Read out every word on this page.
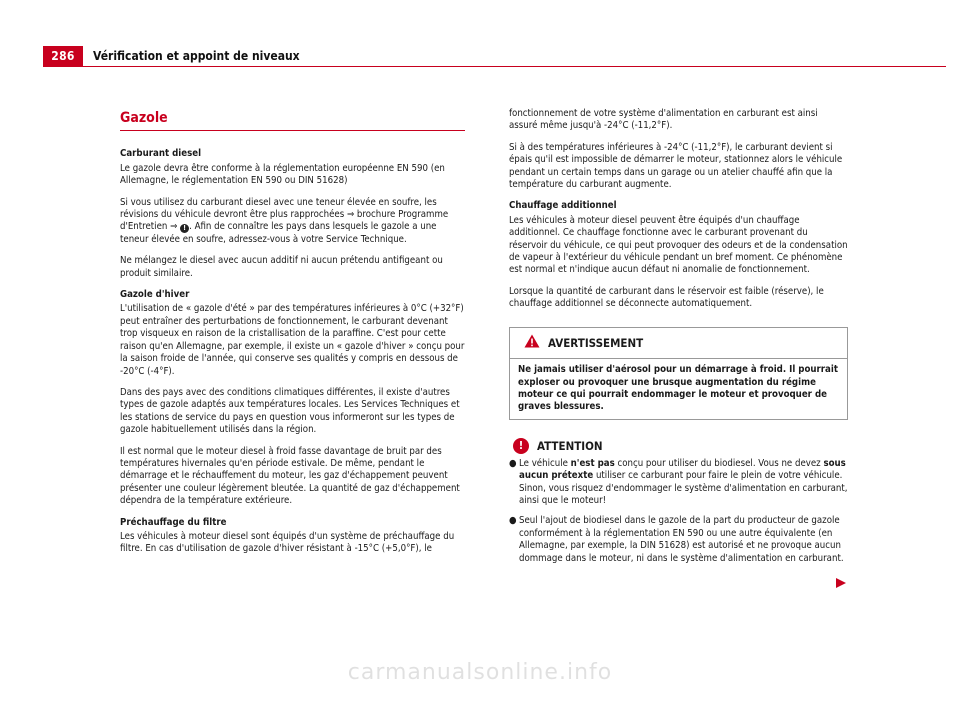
286	Vérification et appoint de niveaux
Gazole
Carburant diesel

Le gazole devra être conforme à la réglementation européenne EN 590 (en Allemagne, le réglementation EN 590 ou DIN 51628)

Si vous utilisez du carburant diesel avec une teneur élevée en soufre, les révisions du véhicule devront être plus rapprochées ⇒ brochure Programme d'Entretien ⇒ ! . Afin de connaître les pays dans lesquels le gazole a une teneur élevée en soufre, adressez-vous à votre Service Technique.

Ne mélangez le diesel avec aucun additif ni aucun prétendu antifigeant ou produit similaire.

Gazole d'hiver

L'utilisation de « gazole d'été » par des températures inférieures à 0°C (+32°F) peut entraîner des perturbations de fonctionnement, le carburant devenant trop visqueux en raison de la cristallisation de la paraffine. C'est pour cette raison qu'en Allemagne, par exemple, il existe un « gazole d'hiver » conçu pour la saison froide de l'année, qui conserve ses qualités y compris en dessous de -20°C (-4°F).

Dans des pays avec des conditions climatiques différentes, il existe d'autres types de gazole adaptés aux températures locales. Les Services Techniques et les stations de service du pays en question vous informeront sur les types de gazole habituellement utilisés dans la région.

Il est normal que le moteur diesel à froid fasse davantage de bruit par des températures hivernales qu'en période estivale. De même, pendant le démarrage et le réchauffement du moteur, les gaz d'échappement peuvent présenter une couleur légèrement bleutée. La quantité de gaz d'échappement dépendra de la température extérieure.

Préchauffage du filtre

Les véhicules à moteur diesel sont équipés d'un système de préchauffage du filtre. En cas d'utilisation de gazole d'hiver résistant à -15°C (+5,0°F), le

fonctionnement de votre système d'alimentation en carburant est ainsi assuré même jusqu'à -24°C (-11,2°F).

Si à des températures inférieures à -24°C (-11,2°F), le carburant devient si épais qu'il est impossible de démarrer le moteur, stationnez alors le véhicule pendant un certain temps dans un garage ou un atelier chauffé afin que la température du carburant augmente.

Chauffage additionnel

Les véhicules à moteur diesel peuvent être équipés d'un chauffage additionnel. Ce chauffage fonctionne avec le carburant provenant du réservoir du véhicule, ce qui peut provoquer des odeurs et de la condensation de vapeur à l'extérieur du véhicule pendant un bref moment. Ce phénomène est normal et n'indique aucun défaut ni anomalie de fonctionnement.

Lorsque la quantité de carburant dans le réservoir est faible (réserve), le chauffage additionnel se déconnecte automatiquement.

AVERTISSEMENT
Ne jamais utiliser d'aérosol pour un démarrage à froid. Il pourrait exploser ou provoquer une brusque augmentation du régime moteur ce qui pourrait endommager le moteur et provoquer de graves blessures.
!	ATTENTION
● Le véhicule n'est pas conçu pour utiliser du biodiesel. Vous ne devez sous aucun prétexte utiliser ce carburant pour faire le plein de votre véhicule. Sinon, vous risquez d'endommager le système d'alimentation en carburant, ainsi que le moteur!
● Seul l'ajout de biodiesel dans le gazole de la part du producteur de gazole conformément à la réglementation EN 590 ou une autre équivalente (en Allemagne, par exemple, la DIN 51628) est autorisé et ne provoque aucun dommage dans le moteur, ni dans le système d'alimentation en carburant.
carmanualsonline.info
